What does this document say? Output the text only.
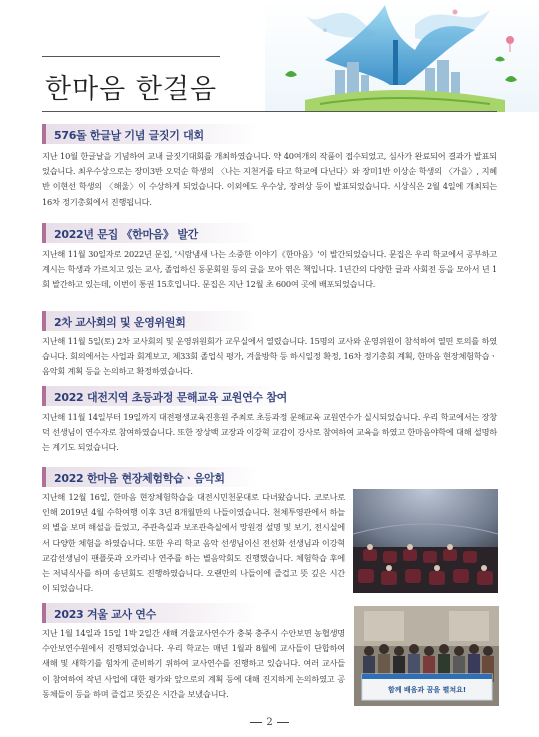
한마음 한걸음
576돌 한글날 기념 글짓기 대회
지난 10월 한글날을 기념하여 교내 글짓기대회를 개최하였습니다. 약 40여개의 작품이 접수되었고, 심사가 완료되어 결과가 발표되었습니다. 최우수상으로는 장미3반 오덕순 학생의 〈나는 지천거를 타고 학교에 다닌다〉와 장미1반 이상순 학생의 〈가을〉, 지혜반 이현선 학생의 〈해울〉이 수상하게 되었습니다. 이외에도 우수상, 장려상 등이 발표되었습니다. 시상식은 2월 4일에 개최되는 16차 정기총회에서 진행됩니다.
2022년 문집 《한마음》 발간
지난해 11월 30일자로 2022년 문집, '시람냄새 나는 소중한 이야기《한마음》'이 발간되었습니다. 문집은 우리 학교에서 공부하고 계시는 학생과 가르치고 있는 교사, 졸업하신 동문회원 등의 글을 모아 엮은 책입니다. 1년간의 다양한 글과 사회전 등을 모아서 년 1회 발간하고 있는데, 이번이 통권 15호입니다. 문집은 지난 12월 초 600여 곳에 배포되었습니다.
2차 교사회의 및 운영위원회
지난해 11월 5일(토) 2차 교사회의 및 운영위원회가 교무실에서 열렸습니다. 15명의 교사와 운영위원이 참석하여 열띤 토의를 하였습니다. 회의에서는 사업과 회계보고, 제33회 졸업식 평가, 겨울방학 등 하시일정 확정, 16차 정기총회 계획, 한마음 현장체험학습ㆍ음악회 계획 등을 논의하고 확정하였습니다.
2022 대전지역 초등과정 문해교육 교원연수 참여
지난해 11월 14일부터 19일까지 대전평생교육진흥원 주최로 초등과정 문해교육 교원연수가 실시되었습니다. 우리 학교에서는 장창덕 선생님이 연수자로 참여하였습니다. 또한 장상백 교장과 이강혁 교감이 강사로 참여하여 교육을 하였고 한마음야학에 대해 설명하는 계기도 되었습니다.
2022 한마음 현장체험학습ㆍ음악회
지난해 12월 16일, 한마음 현장체험학습을 대전시민천문대로 다녀왔습니다. 코로나로 인해 2019년 4월 수학여행 이후 3년 8개월만의 나들이였습니다. 천체투영관에서 하늘의 별을 보며 해설을 들었고, 주관측실과 보조관측실에서 망원경 설명 및 보기, 전시실에서 다양한 체험을 하였습니다. 또한 우리 학교 음악 선생님이신 전선화 선생님과 이강혁 교감선생님이 팬플룻과 오카리나 연주를 하는 별음악회도 진행했습니다. 체험학습 후에는 저녁식사를 하며 송년회도 진행하였습니다. 오랜만의 나들이에 즐겁고 뜻 깊은 시간이 되었습니다.
2023 겨울 교사 연수
지난 1월 14일과 15일 1박 2일간 새해 겨울교사연수가 충북 충주시 수안보면 농협생명수안보연수원에서 진행되었습니다. 우리 학교는 매년 1월과 8월에 교사들이 단합하여 새해 및 새학기를 힘차게 준비하기 위하여 교사연수를 진행하고 있습니다. 여러 교사들이 참여하여 작년 사업에 대한 평가와 앞으로의 계획 등에 대해 진지하게 논의하였고 공동체들이 등을 하며 즐겁고 뜻깊은 시간을 보냈습니다.	함께 배움과 꿈을 펼쳐요!
2
